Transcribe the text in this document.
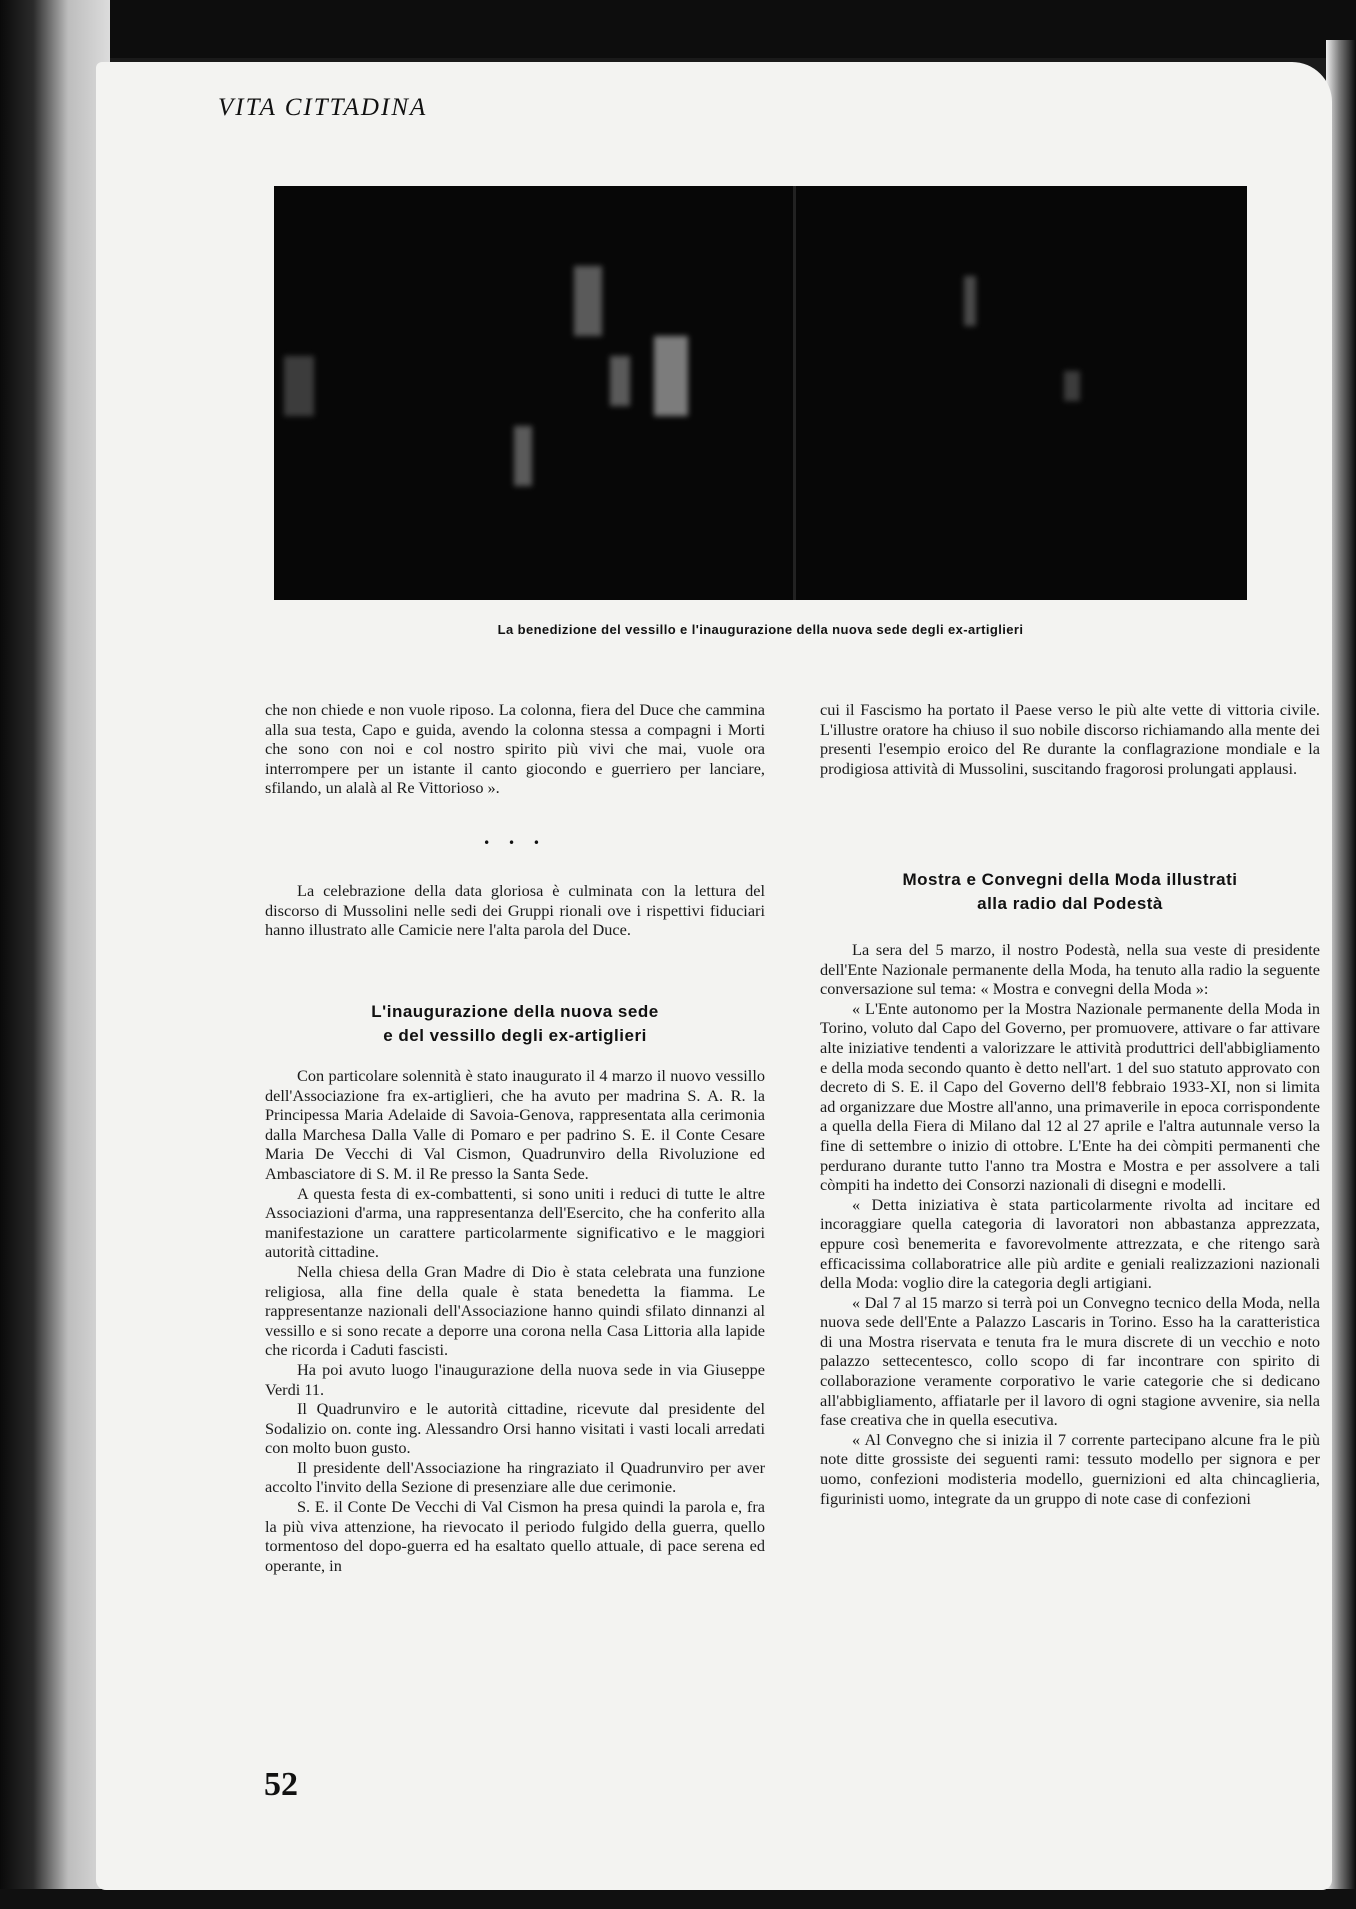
VITA CITTADINA
La benedizione del vessillo e l'inaugurazione della nuova sede degli ex-artiglieri

che non chiede e non vuole riposo. La colonna, fiera del Duce che cammina alla sua testa, Capo e guida, avendo la colonna stessa a compagni i Morti che sono con noi e col nostro spirito più vivi che mai, vuole ora interrompere per un istante il canto giocondo e guerriero per lanciare, sfilando, un alalà al Re Vittorioso ».

• • •

La celebrazione della data gloriosa è culminata con la lettura del discorso di Mussolini nelle sedi dei Gruppi rionali ove i rispettivi fiduciari hanno illustrato alle Camicie nere l'alta parola del Duce.

L'inaugurazione della nuova sede
e del vessillo degli ex-artiglieri

Con particolare solennità è stato inaugurato il 4 marzo il nuovo vessillo dell'Associazione fra ex-artiglieri, che ha avuto per madrina S. A. R. la Principessa Maria Adelaide di Savoia-Genova, rappresentata alla cerimonia dalla Marchesa Dalla Valle di Pomaro e per padrino S. E. il Conte Cesare Maria De Vecchi di Val Cismon, Quadrunviro della Rivoluzione ed Ambasciatore di S. M. il Re presso la Santa Sede.

A questa festa di ex-combattenti, si sono uniti i reduci di tutte le altre Associazioni d'arma, una rappresentanza dell'Esercito, che ha conferito alla manifestazione un carattere particolarmente significativo e le maggiori autorità cittadine.

Nella chiesa della Gran Madre di Dio è stata celebrata una funzione religiosa, alla fine della quale è stata benedetta la fiamma. Le rappresentanze nazionali dell'Associazione hanno quindi sfilato dinnanzi al vessillo e si sono recate a deporre una corona nella Casa Littoria alla lapide che ricorda i Caduti fascisti.

Ha poi avuto luogo l'inaugurazione della nuova sede in via Giuseppe Verdi 11.

Il Quadrunviro e le autorità cittadine, ricevute dal presidente del Sodalizio on. conte ing. Alessandro Orsi hanno visitati i vasti locali arredati con molto buon gusto.

Il presidente dell'Associazione ha ringraziato il Quadrunviro per aver accolto l'invito della Sezione di presenziare alle due cerimonie.

S. E. il Conte De Vecchi di Val Cismon ha presa quindi la parola e, fra la più viva attenzione, ha rievocato il periodo fulgido della guerra, quello tormentoso del dopo-guerra ed ha esaltato quello attuale, di pace serena ed operante, in

cui il Fascismo ha portato il Paese verso le più alte vette di vittoria civile. L'illustre oratore ha chiuso il suo nobile discorso richiamando alla mente dei presenti l'esempio eroico del Re durante la conflagrazione mondiale e la prodigiosa attività di Mussolini, suscitando fragorosi prolungati applausi.

Mostra e Convegni della Moda illustrati
alla radio dal Podestà

La sera del 5 marzo, il nostro Podestà, nella sua veste di presidente dell'Ente Nazionale permanente della Moda, ha tenuto alla radio la seguente conversazione sul tema: « Mostra e convegni della Moda »:

« L'Ente autonomo per la Mostra Nazionale permanente della Moda in Torino, voluto dal Capo del Governo, per promuovere, attivare o far attivare alte iniziative tendenti a valorizzare le attività produttrici dell'abbigliamento e della moda secondo quanto è detto nell'art. 1 del suo statuto approvato con decreto di S. E. il Capo del Governo dell'8 febbraio 1933-XI, non si limita ad organizzare due Mostre all'anno, una primaverile in epoca corrispondente a quella della Fiera di Milano dal 12 al 27 aprile e l'altra autunnale verso la fine di settembre o inizio di ottobre. L'Ente ha dei còmpiti permanenti che perdurano durante tutto l'anno tra Mostra e Mostra e per assolvere a tali còmpiti ha indetto dei Consorzi nazionali di disegni e modelli.

« Detta iniziativa è stata particolarmente rivolta ad incitare ed incoraggiare quella categoria di lavoratori non abbastanza apprezzata, eppure così benemerita e favorevolmente attrezzata, e che ritengo sarà efficacissima collaboratrice alle più ardite e geniali realizzazioni nazionali della Moda: voglio dire la categoria degli artigiani.

« Dal 7 al 15 marzo si terrà poi un Convegno tecnico della Moda, nella nuova sede dell'Ente a Palazzo Lascaris in Torino. Esso ha la caratteristica di una Mostra riservata e tenuta fra le mura discrete di un vecchio e noto palazzo settecentesco, collo scopo di far incontrare con spirito di collaborazione veramente corporativo le varie categorie che si dedicano all'abbigliamento, affiatarle per il lavoro di ogni stagione avvenire, sia nella fase creativa che in quella esecutiva.

« Al Convegno che si inizia il 7 corrente partecipano alcune fra le più note ditte grossiste dei seguenti rami: tessuto modello per signora e per uomo, confezioni modisteria modello, guernizioni ed alta chincaglieria, figurinisti uomo, integrate da un gruppo di note case di confezioni

52
